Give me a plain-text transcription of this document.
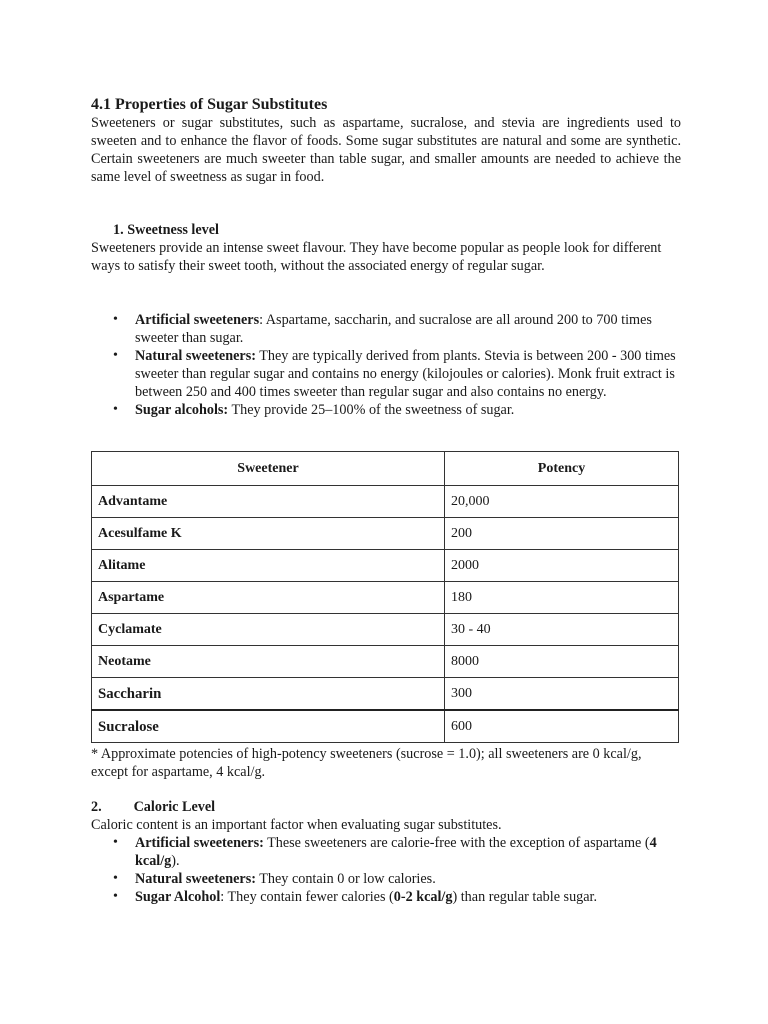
4.1 Properties of Sugar Substitutes

Sweeteners or sugar substitutes, such as aspartame, sucralose, and stevia are ingredients used to sweeten and to enhance the flavor of foods. Some sugar substitutes are natural and some are synthetic. Certain sweeteners are much sweeter than table sugar, and smaller amounts are needed to achieve the same level of sweetness as sugar in food.

1. Sweetness level

Sweeteners provide an intense sweet flavour. They have become popular as people look for different ways to satisfy their sweet tooth, without the associated energy of regular sugar.

• Artificial sweeteners: Aspartame, saccharin, and sucralose are all around 200 to 700 times sweeter than sugar.
• Natural sweeteners: They are typically derived from plants. Stevia is between 200 - 300 times sweeter than regular sugar and contains no energy (kilojoules or calories). Monk fruit extract is between 250 and 400 times sweeter than regular sugar and also contains no energy.
• Sugar alcohols: They provide 25–100% of the sweetness of sugar.
Sweetener	Potency
Advantame	20,000
Acesulfame K	200
Alitame	2000
Aspartame	180
Cyclamate	30 - 40
Neotame	8000
Saccharin	300
Sucralose	600

* Approximate potencies of high-potency sweeteners (sucrose = 1.0); all sweeteners are 0 kcal/g, except for aspartame, 4 kcal/g.

2.         Caloric Level

Caloric content is an important factor when evaluating sugar substitutes.

• Artificial sweeteners: These sweeteners are calorie-free with the exception of aspartame (4 kcal/g).
• Natural sweeteners: They contain 0 or low calories.
• Sugar Alcohol: They contain fewer calories (0-2 kcal/g) than regular table sugar.
